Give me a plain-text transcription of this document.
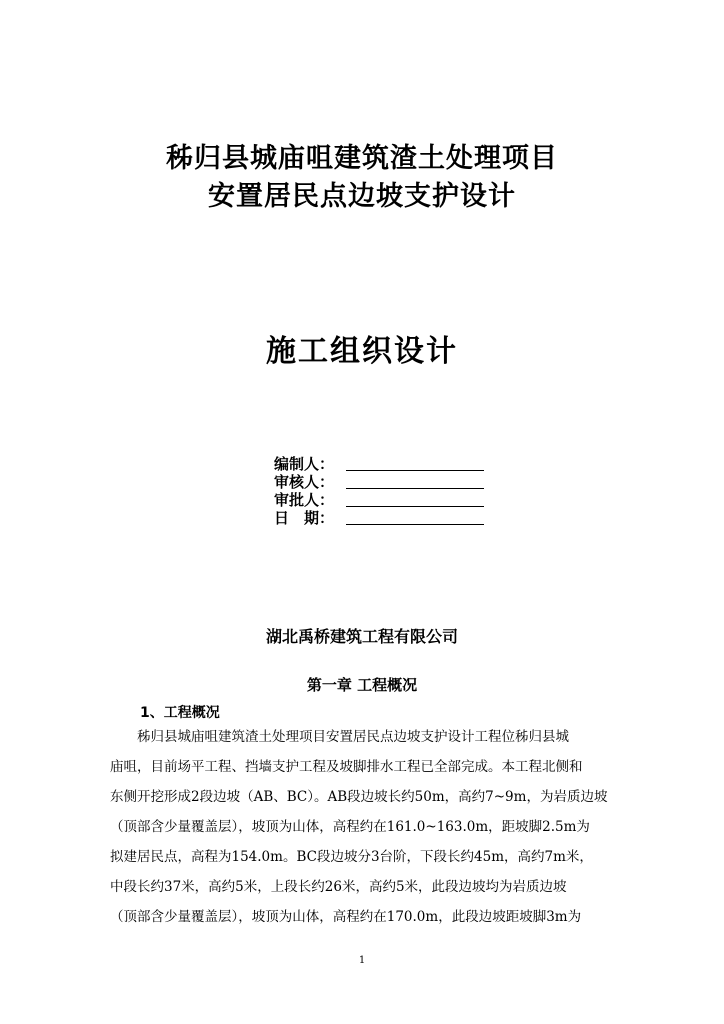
秭归县城庙咀建筑渣土处理项目
安置居民点边坡支护设计
施工组织设计
编制人：
审核人：
审批人：
日　期：
湖北禹桥建筑工程有限公司
第一章 工程概况
1、工程概况
秭归县城庙咀建筑渣土处理项目安置居民点边坡支护设计工程位秭归县城
庙咀，目前场平工程、挡墙支护工程及坡脚排水工程已全部完成。本工程北侧和
东侧开挖形成2段边坡（AB、BC）。AB段边坡长约50m，高约7~9m，为岩质边坡
（顶部含少量覆盖层），坡顶为山体，高程约在161.0~163.0m，距坡脚2.5m为
拟建居民点，高程为154.0m。BC段边坡分3台阶，下段长约45m，高约7m米，
中段长约37米，高约5米，上段长约26米，高约5米，此段边坡均为岩质边坡
（顶部含少量覆盖层），坡顶为山体，高程约在170.0m，此段边坡距坡脚3m为
1
